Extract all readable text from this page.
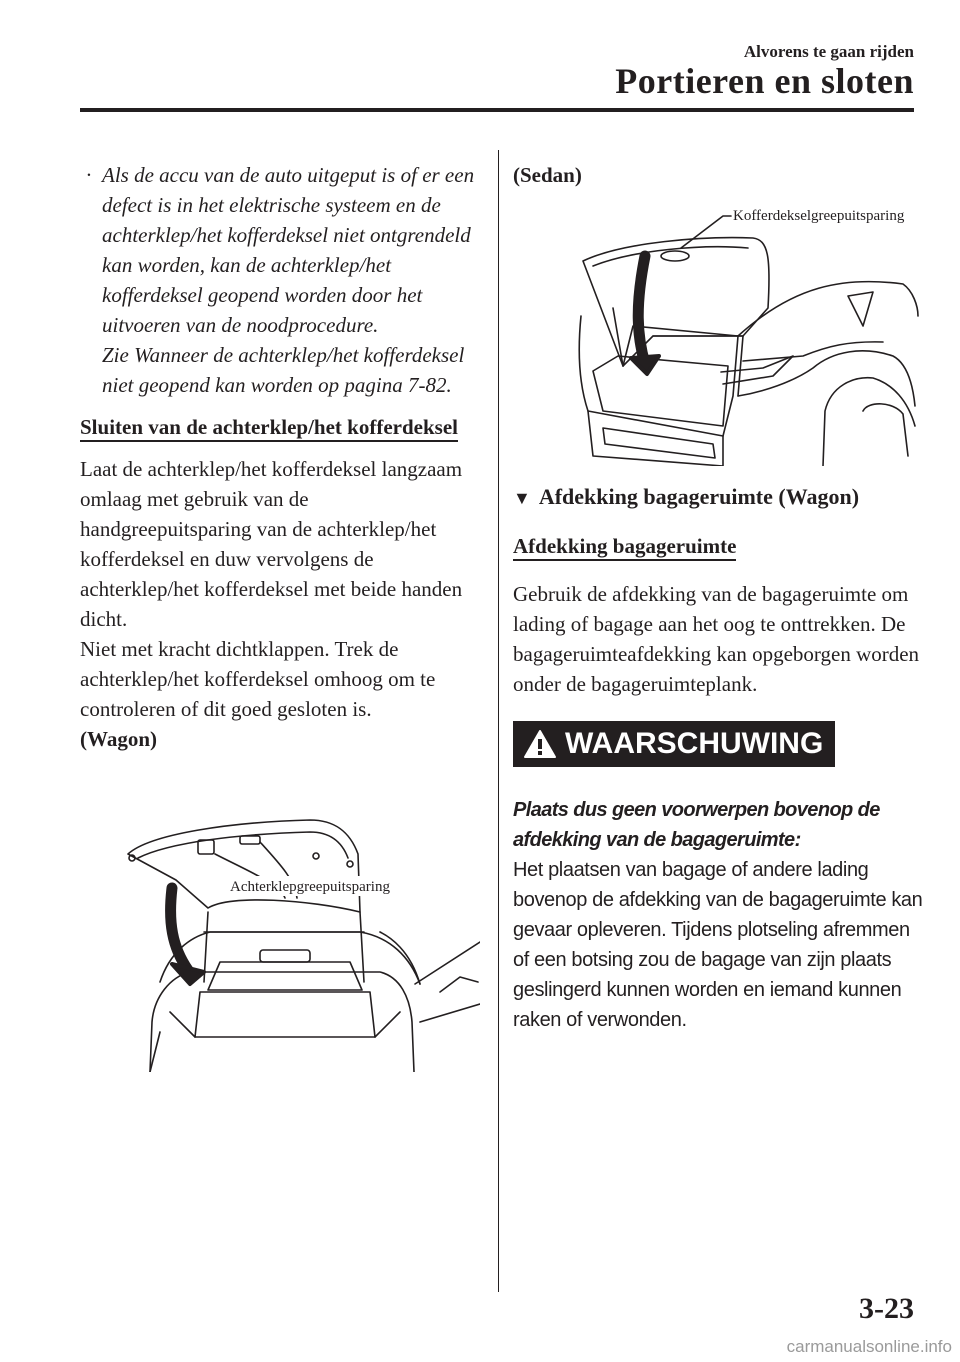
Alvorens te gaan rijden
Portieren en sloten
· Als de accu van de auto uitgeput is of er een defect is in het elektrische systeem en de achterklep/het kofferdeksel niet ontgrendeld kan worden, kan de achterklep/het kofferdeksel geopend worden door het uitvoeren van de noodprocedure.

Zie Wanneer de achterklep/het kofferdeksel niet geopend kan worden op pagina 7-82.

Sluiten van de achterklep/het kofferdeksel

Laat de achterklep/het kofferdeksel langzaam omlaag met gebruik van de handgreepuitsparing van de achterklep/het kofferdeksel en duw vervolgens de achterklep/het kofferdeksel met beide handen dicht.

Niet met kracht dichtklappen. Trek de achterklep/het kofferdeksel omhoog om te controleren of dit goed gesloten is.

(Wagon)

Achterklepgreepuitsparing

(Sedan)

Kofferdekselgreepuitsparing

▼ Afdekking bagageruimte (Wagon)

Afdekking bagageruimte

Gebruik de afdekking van de bagageruimte om lading of bagage aan het oog te onttrekken. De bagageruimteafdekking kan opgeborgen worden onder de bagageruimteplank.

WAARSCHUWING

Plaats dus geen voorwerpen bovenop de afdekking van de bagageruimte:

Het plaatsen van bagage of andere lading bovenop de afdekking van de bagageruimte kan gevaar opleveren. Tijdens plotseling afremmen of een botsing zou de bagage van zijn plaats geslingerd kunnen worden en iemand kunnen raken of verwonden.

3-23
carmanualsonline.info
